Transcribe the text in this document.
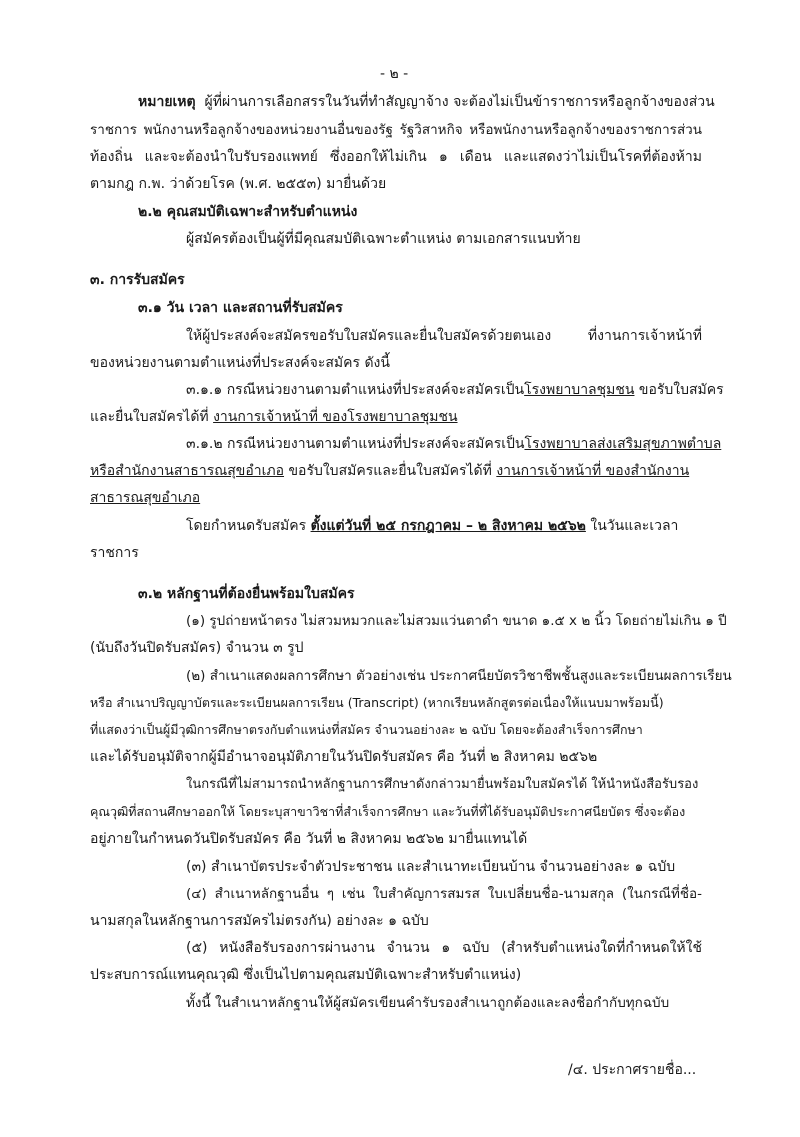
- ๒ -
หมายเหตุ ผู้ที่ผ่านการเลือกสรรในวันที่ทำสัญญาจ้าง จะต้องไม่เป็นข้าราชการหรือลูกจ้างของส่วน
ราชการ พนักงานหรือลูกจ้างของหน่วยงานอื่นของรัฐ รัฐวิสาหกิจ หรือพนักงานหรือลูกจ้างของราชการส่วน
ท้องถิ่น และจะต้องนำใบรับรองแพทย์ ซึ่งออกให้ไม่เกิน ๑ เดือน และแสดงว่าไม่เป็นโรคที่ต้องห้าม
ตามกฎ ก.พ. ว่าด้วยโรค (พ.ศ. ๒๕๕๓) มายื่นด้วย
๒.๒ คุณสมบัติเฉพาะสำหรับตำแหน่ง
ผู้สมัครต้องเป็นผู้ที่มีคุณสมบัติเฉพาะตำแหน่ง ตามเอกสารแนบท้าย
๓. การรับสมัคร
๓.๑ วัน เวลา และสถานที่รับสมัคร
ให้ผู้ประสงค์จะสมัครขอรับใบสมัครและยื่นใบสมัครด้วยตนเอง ที่งานการเจ้าหน้าที่
ของหน่วยงานตามตำแหน่งที่ประสงค์จะสมัคร ดังนี้
๓.๑.๑ กรณีหน่วยงานตามตำแหน่งที่ประสงค์จะสมัครเป็นโรงพยาบาลชุมชน ขอรับใบสมัคร
และยื่นใบสมัครได้ที่ งานการเจ้าหน้าที่ ของโรงพยาบาลชุมชน
๓.๑.๒ กรณีหน่วยงานตามตำแหน่งที่ประสงค์จะสมัครเป็นโรงพยาบาลส่งเสริมสุขภาพตำบล
หรือสำนักงานสาธารณสุขอำเภอ ขอรับใบสมัครและยื่นใบสมัครได้ที่ งานการเจ้าหน้าที่ ของสำนักงาน
สาธารณสุขอำเภอ
โดยกำหนดรับสมัคร ตั้งแต่วันที่ ๒๕ กรกฎาคม – ๒ สิงหาคม ๒๕๖๒ ในวันและเวลา
ราชการ
๓.๒ หลักฐานที่ต้องยื่นพร้อมใบสมัคร
(๑) รูปถ่ายหน้าตรง ไม่สวมหมวกและไม่สวมแว่นตาดำ ขนาด ๑.๕ x ๒ นิ้ว โดยถ่ายไม่เกิน ๑ ปี
(นับถึงวันปิดรับสมัคร) จำนวน ๓ รูป
(๒) สำเนาแสดงผลการศึกษา ตัวอย่างเช่น ประกาศนียบัตรวิชาชีพชั้นสูงและระเบียนผลการเรียน
หรือ สำเนาปริญญาบัตรและระเบียนผลการเรียน (Transcript) (หากเรียนหลักสูตรต่อเนื่องให้แนบมาพร้อมนี้)
ที่แสดงว่าเป็นผู้มีวุฒิการศึกษาตรงกับตำแหน่งที่สมัคร จำนวนอย่างละ ๒ ฉบับ โดยจะต้องสำเร็จการศึกษา
และได้รับอนุมัติจากผู้มีอำนาจอนุมัติภายในวันปิดรับสมัคร คือ วันที่ ๒ สิงหาคม ๒๕๖๒
ในกรณีที่ไม่สามารถนำหลักฐานการศึกษาดังกล่าวมายื่นพร้อมใบสมัครได้ ให้นำหนังสือรับรอง
คุณวุฒิที่สถานศึกษาออกให้ โดยระบุสาขาวิชาที่สำเร็จการศึกษา และวันที่ที่ได้รับอนุมัติประกาศนียบัตร ซึ่งจะต้อง
อยู่ภายในกำหนดวันปิดรับสมัคร คือ วันที่ ๒ สิงหาคม ๒๕๖๒ มายื่นแทนได้
(๓) สำเนาบัตรประจำตัวประชาชน และสำเนาทะเบียนบ้าน จำนวนอย่างละ ๑ ฉบับ
(๔) สำเนาหลักฐานอื่น ๆ เช่น ใบสำคัญการสมรส ใบเปลี่ยนชื่อ-นามสกุล (ในกรณีที่ชื่อ-
นามสกุลในหลักฐานการสมัครไม่ตรงกัน) อย่างละ ๑ ฉบับ
(๕) หนังสือรับรองการผ่านงาน จำนวน ๑ ฉบับ (สำหรับตำแหน่งใดที่กำหนดให้ใช้
ประสบการณ์แทนคุณวุฒิ ซึ่งเป็นไปตามคุณสมบัติเฉพาะสำหรับตำแหน่ง)
ทั้งนี้ ในสำเนาหลักฐานให้ผู้สมัครเขียนคำรับรองสำเนาถูกต้องและลงชื่อกำกับทุกฉบับ
/๔. ประกาศรายชื่อ...
